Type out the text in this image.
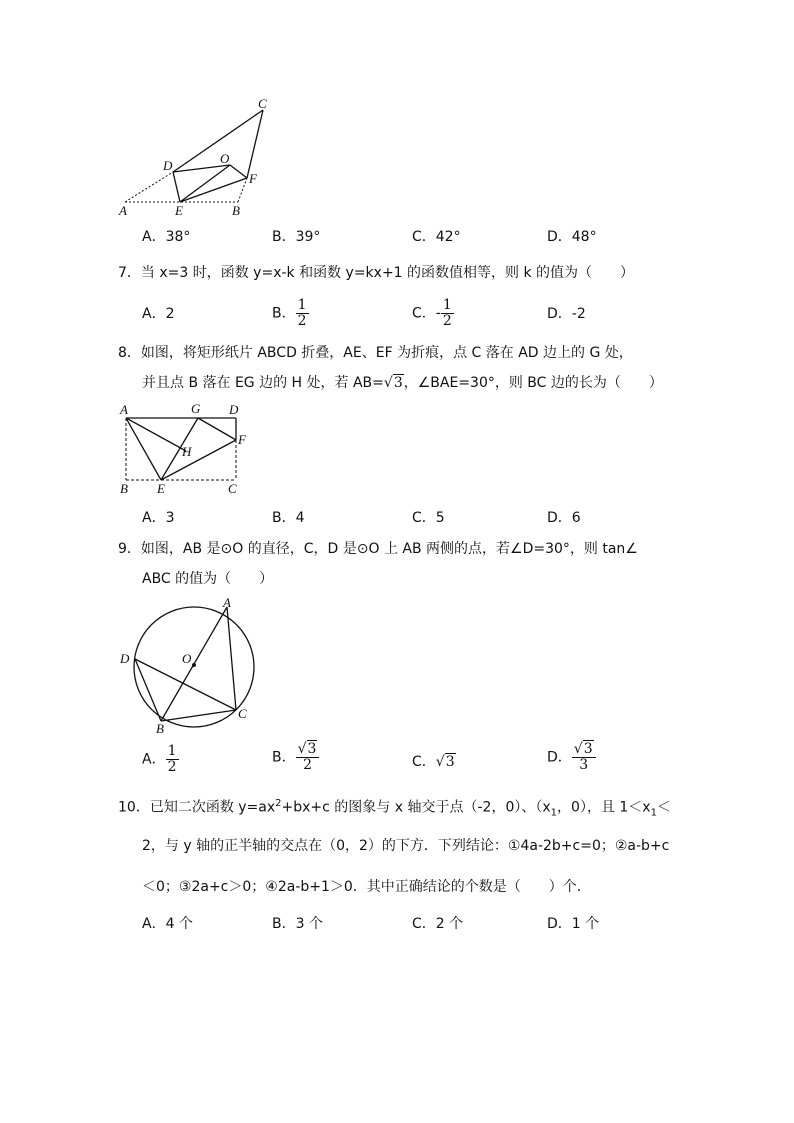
C
D	O
F
A	E	B
A．38°	B．39°	C．42°	D．48°
7．当 x=3 时，函数 y=x-k 和函数 y=kx+1 的函数值相等，则 k 的值为（　　）
A．2	B． $\frac{1}{2}$	C．- $\frac{1}{2}$	D．-2
8．如图，将矩形纸片 ABCD 折叠，AE、EF 为折痕，点 C 落在 AD 边上的 G 处，
并且点 B 落在 EG 边的 H 处，若 AB=√3，∠BAE=30°，则 BC 边的长为（　　）
A	G D
F
H
B E	C
A．3	B．4	C．5	D．6
9．如图，AB 是⊙O 的直径，C，D 是⊙O 上 AB 两侧的点，若∠D=30°，则 tan∠
ABC 的值为（　　）
A
D	O
B
C
A． $\frac{1}{2}$	B． $\frac{√3}{2}$	C．√3	D． $\frac{√3}{3}$
10．已知二次函数 $y=ax^2+bx+c$ 的图象与 x 轴交于点（-2，0）、（$x_1$，0），且 $1<x_1<$
2，与 y 轴的正半轴的交点在（0，2）的下方．下列结论：①4a-2b+c=0；②a-b+c
＜0；③2a+c＞0；④2a-b+1＞0．其中正确结论的个数是（　　）个．
A．4 个	B．3 个	C．2 个	D．1 个
